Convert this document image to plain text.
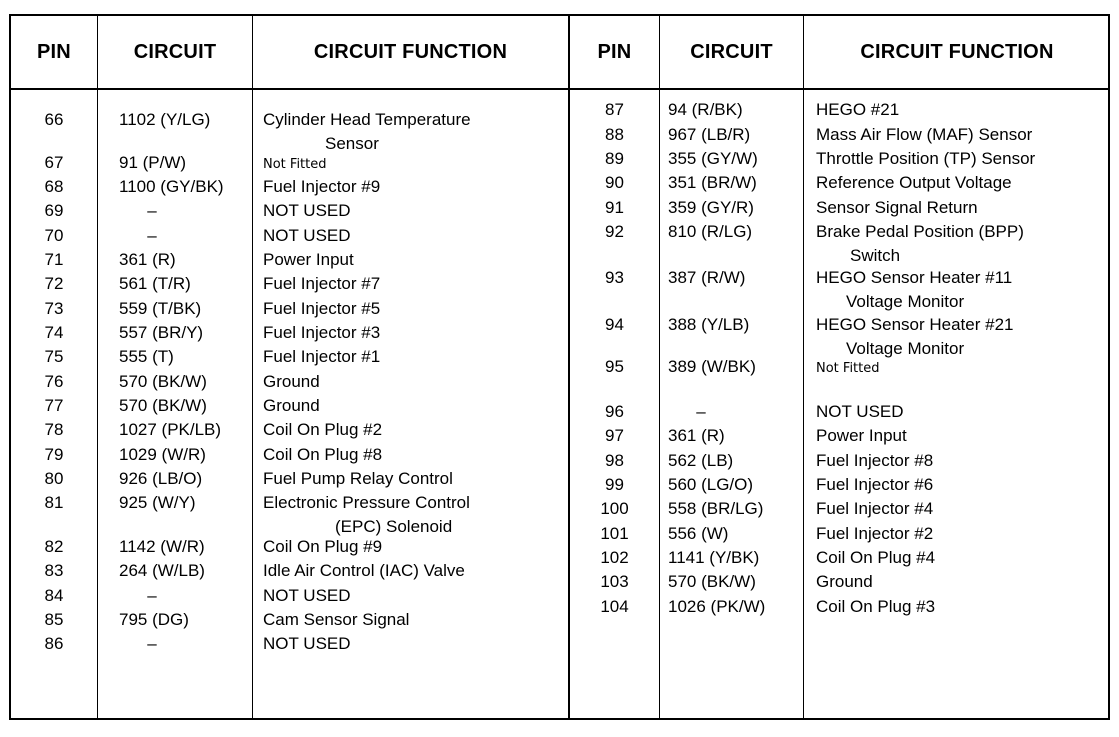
PIN	CIRCUIT	CIRCUIT FUNCTION	PIN	CIRCUIT	CIRCUIT FUNCTION
66	1102 (Y/LG)	Cylinder Head Temperature
Sensor
67	91 (P/W)	Not Fitted
68	1100 (GY/BK) Fuel Injector #9
69	–	NOT USED
70	–	NOT USED
71	361 (R)	Power Input
72	561 (T/R)	Fuel Injector #7
73	559 (T/BK)	Fuel Injector #5
74	557 (BR/Y)	Fuel Injector #3
75	555 (T)	Fuel Injector #1
76	570 (BK/W)	Ground
77	570 (BK/W)	Ground
78	1027 (PK/LB) Coil On Plug #2
79	1029 (W/R)	Coil On Plug #8
80	926 (LB/O)	Fuel Pump Relay Control
81	925 (W/Y)	Electronic Pressure Control
(EPC) Solenoid
82	1142 (W/R)	Coil On Plug #9
83	264 (W/LB)	Idle Air Control (IAC) Valve
84	–	NOT USED
85	795 (DG)	Cam Sensor Signal
86	–	NOT USED
87	94 (R/BK)	HEGO #21
88	967 (LB/R)	Mass Air Flow (MAF) Sensor
89	355 (GY/W)	Throttle Position (TP) Sensor
90	351 (BR/W)	Reference Output Voltage
91	359 (GY/R)	Sensor Signal Return
92	810 (R/LG)	Brake Pedal Position (BPP)
Switch
93	387 (R/W)	HEGO Sensor Heater #11
Voltage Monitor
94	388 (Y/LB)	HEGO Sensor Heater #21
Voltage Monitor
95	389 (W/BK)	Not Fitted
96	–	NOT USED
97	361 (R)	Power Input
98	562 (LB)	Fuel Injector #8
99	560 (LG/O)	Fuel Injector #6
100	558 (BR/LG)	Fuel Injector #4
101	556 (W)	Fuel Injector #2
102	1141 (Y/BK)	Coil On Plug #4
103	570 (BK/W)	Ground
104	1026 (PK/W)	Coil On Plug #3
